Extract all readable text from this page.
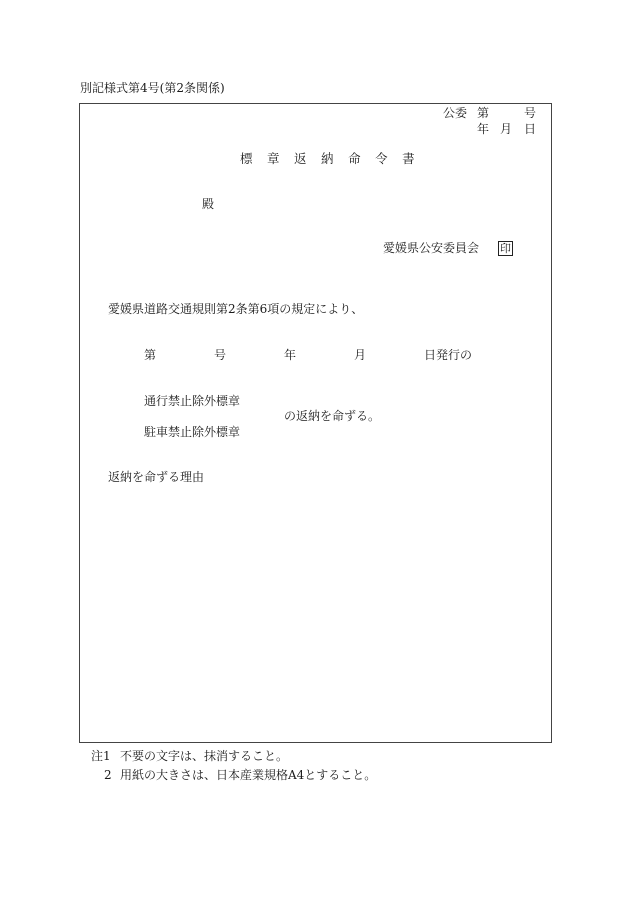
別記様式第4号(第2条関係)
公委 第	号
年 月 日
標 章 返 納 命 令 書
殿
愛媛県公安委員会 印
愛媛県道路交通規則第2条第6項の規定により、
第	号	年	月	日発行の
通行禁止除外標章
の返納を命ずる。
駐車禁止除外標章
返納を命ずる理由
注1 不要の文字は、抹消すること。
2 用紙の大きさは、日本産業規格A4とすること。
